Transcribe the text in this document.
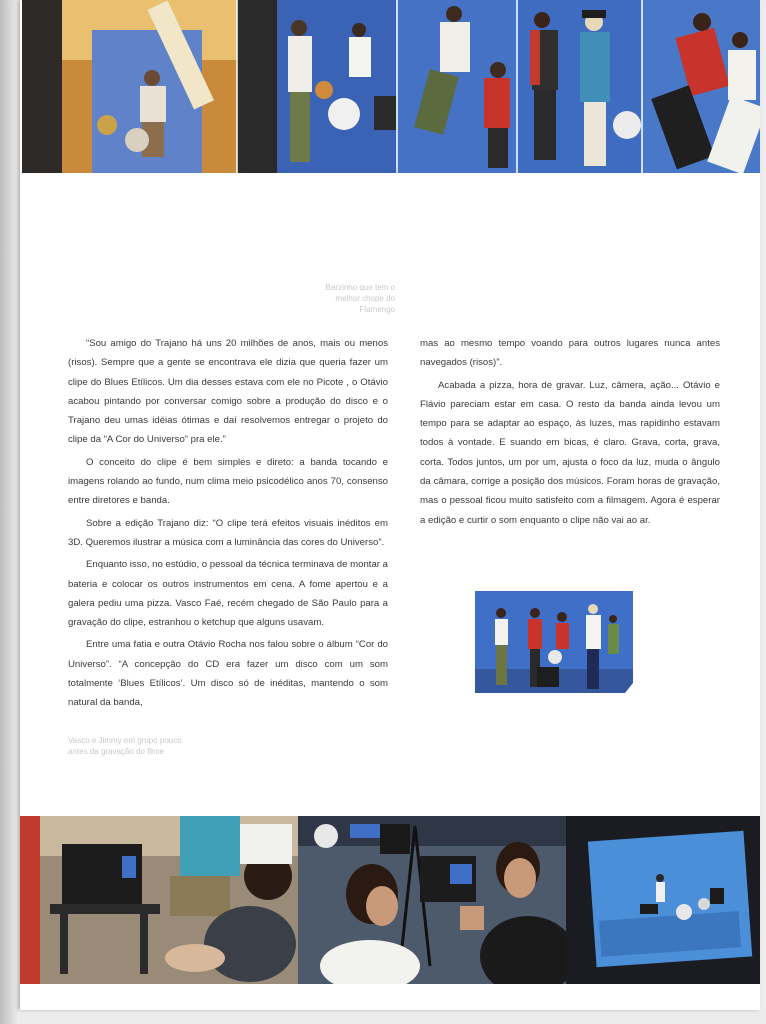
Barzinho que tem o melhor chope do Flamengo

“Sou amigo do Trajano há uns 20 milhões de anos, mais ou menos (risos). Sempre que a gente se encontrava ele dizia que queria fazer um clipe do Blues Etílicos. Um dia desses estava com ele no Picote , o Otávio acabou pintando por conversar comigo sobre a produção do disco e o Trajano deu umas idéias ótimas e daí resolvemos entregar o projeto do clipe da “A Cor do Universo” pra ele.”

O conceito do clipe é bem simples e direto: a banda tocando e imagens rolando ao fundo, num clima meio psicodélico anos 70, consenso entre diretores e banda.

Sobre a edição Trajano diz: “O clipe terá efeitos visuais inéditos em 3D. Queremos ilustrar a música com a luminância das cores do Universo”.

Enquanto isso, no estúdio, o pessoal da técnica terminava de montar a bateria e colocar os outros instrumentos em cena. A fome apertou e a galera pediu uma pizza. Vasco Faé, recém chegado de São Paulo para a gravação do clipe, estranhou o ketchup que alguns usavam.

Entre uma fatia e outra Otávio Rocha nos falou sobre o álbum “Cor do Universo”. “A concepção do CD era fazer um disco com um som totalmente ‘Blues Etílicos’. Um disco só de inéditas, mantendo o som natural da banda,

mas ao mesmo tempo voando para outros lugares nunca antes navegados (risos)”.

Acabada a pizza, hora de gravar. Luz, câmera, ação... Otávio e Flávio pareciam estar em casa. O resto da banda ainda levou um tempo para se adaptar ao espaço, às luzes, mas rapidinho estavam todos à vontade. E suando em bicas, é claro. Grava, corta, grava, corta. Todos juntos, um por um, ajusta o foco da luz, muda o ângulo da câmara, corrige a posição dos músicos. Foram horas de gravação, mas o pessoal ficou muito satisfeito com a filmagem. Agora é esperar a edição e curtir o som enquanto o clipe não vai ao ar.

Vasco e Jimmy em grupo pouco antes da gravação do filme
